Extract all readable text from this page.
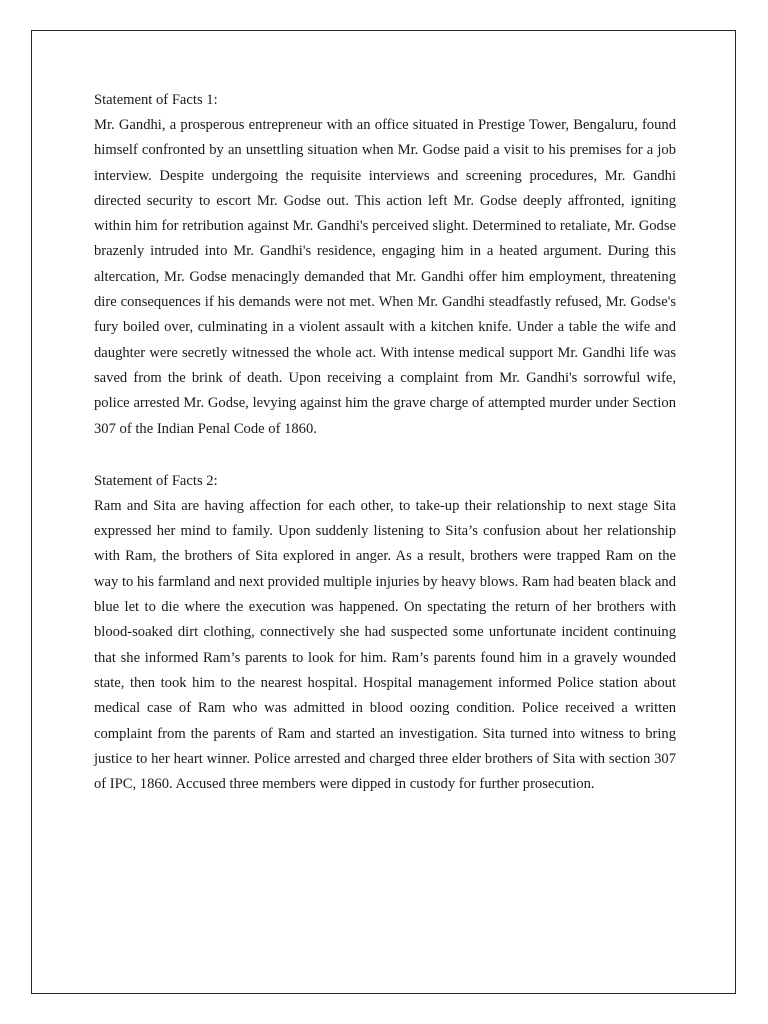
Statement of Facts 1:

Mr. Gandhi, a prosperous entrepreneur with an office situated in Prestige Tower, Bengaluru, found himself confronted by an unsettling situation when Mr. Godse paid a visit to his premises for a job interview. Despite undergoing the requisite interviews and screening procedures, Mr. Gandhi directed security to escort Mr. Godse out. This action left Mr. Godse deeply affronted, igniting within him for retribution against Mr. Gandhi's perceived slight. Determined to retaliate, Mr. Godse brazenly intruded into Mr. Gandhi's residence, engaging him in a heated argument. During this altercation, Mr. Godse menacingly demanded that Mr. Gandhi offer him employment, threatening dire consequences if his demands were not met. When Mr. Gandhi steadfastly refused, Mr. Godse's fury boiled over, culminating in a violent assault with a kitchen knife. Under a table the wife and daughter were secretly witnessed the whole act. With intense medical support Mr. Gandhi life was saved from the brink of death. Upon receiving a complaint from Mr. Gandhi's sorrowful wife, police arrested Mr. Godse, levying against him the grave charge of attempted murder under Section 307 of the Indian Penal Code of 1860.

Statement of Facts 2:

Ram and Sita are having affection for each other, to take-up their relationship to next stage Sita expressed her mind to family. Upon suddenly listening to Sita’s confusion about her relationship with Ram, the brothers of Sita explored in anger. As a result, brothers were trapped Ram on the way to his farmland and next provided multiple injuries by heavy blows. Ram had beaten black and blue let to die where the execution was happened. On spectating the return of her brothers with blood-soaked dirt clothing, connectively she had suspected some unfortunate incident continuing that she informed Ram’s parents to look for him. Ram’s parents found him in a gravely wounded state, then took him to the nearest hospital. Hospital management informed Police station about medical case of Ram who was admitted in blood oozing condition. Police received a written complaint from the parents of Ram and started an investigation. Sita turned into witness to bring justice to her heart winner. Police arrested and charged three elder brothers of Sita with section 307 of IPC, 1860. Accused three members were dipped in custody for further prosecution.
